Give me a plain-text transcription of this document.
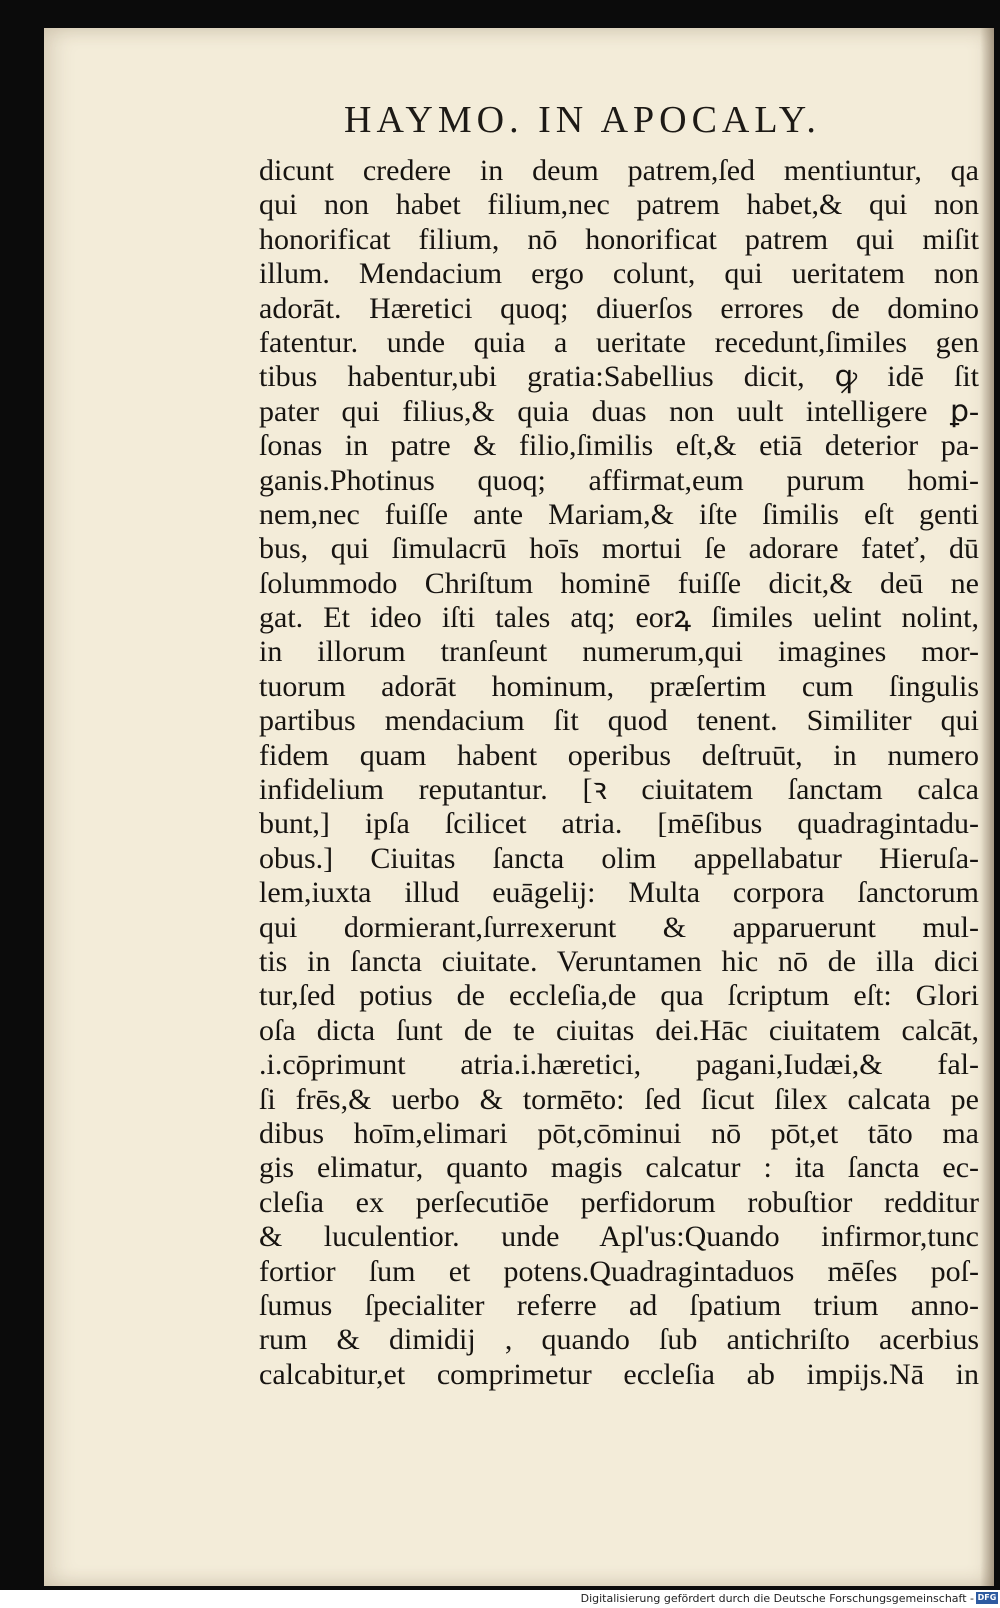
HAYMO. IN APOCALY.
dicunt credere in deum patrem,ſed mentiuntur, qa
qui non habet filium,nec patrem habet,& qui non
honorificat filium, nō honorificat patrem qui miſit
illum. Mendacium ergo colunt, qui ueritatem non
adorāt. Hæretici quoq; diuerſos errores de domino
fatentur. unde quia a ueritate recedunt,ſimiles gen
tibus habentur,ubi gratia:Sabellius dicit, ꝙ idē ſit
pater qui filius,& quia duas non uult intelligere ꝑ-
ſonas in patre & filio,ſimilis eſt,& etiā deterior pa-
ganis.Photinus quoq; affirmat,eum purum homi-
nem,nec fuiſſe ante Mariam,& iſte ſimilis eſt genti
bus, qui ſimulacrū hoīs mortui ſe adorare fateť, dū
ſolummodo Chriſtum hominē fuiſſe dicit,& deū ne
gat. Et ideo iſti tales atq; eorꝝ ſimiles uelint nolint,
in illorum tranſeunt numerum,qui imagines mor-
tuorum adorāt hominum, præſertim cum ſingulis
partibus mendacium ſit quod tenent. Similiter qui
fidem quam habent operibus deſtruūt, in numero
infidelium reputantur. [ꝛ ciuitatem ſanctam calca
bunt,] ipſa ſcilicet atria. [mēſibus quadragintadu-
obus.] Ciuitas ſancta olim appellabatur Hieruſa-
lem,iuxta illud euāgelij: Multa corpora ſanctorum
qui dormierant,ſurrexerunt & apparuerunt mul-
tis in ſancta ciuitate. Veruntamen hic nō de illa dici
tur,ſed potius de eccleſia,de qua ſcriptum eſt: Glori
oſa dicta ſunt de te ciuitas dei.Hāc ciuitatem calcāt,
.i.cōprimunt atria.i.hæretici, pagani,Iudæi,& fal-
ſi frēs,& uerbo & tormēto: ſed ſicut ſilex calcata pe
dibus hoīm,elimari pōt,cōminui nō pōt,et tāto ma
gis elimatur, quanto magis calcatur : ita ſancta ec-
cleſia ex perſecutiōe perfidorum robuſtior redditur
& luculentior. unde Apl'us:Quando infirmor,tunc
fortior ſum et potens.Quadragintaduos mēſes poſ-
ſumus ſpecialiter referre ad ſpatium trium anno-
rum & dimidij , quando ſub antichriſto acerbius
calcabitur,et comprimetur eccleſia ab impijs.Nā in
Digitalisierung gefördert durch die Deutsche Forschungsgemeinschaft - DFG
